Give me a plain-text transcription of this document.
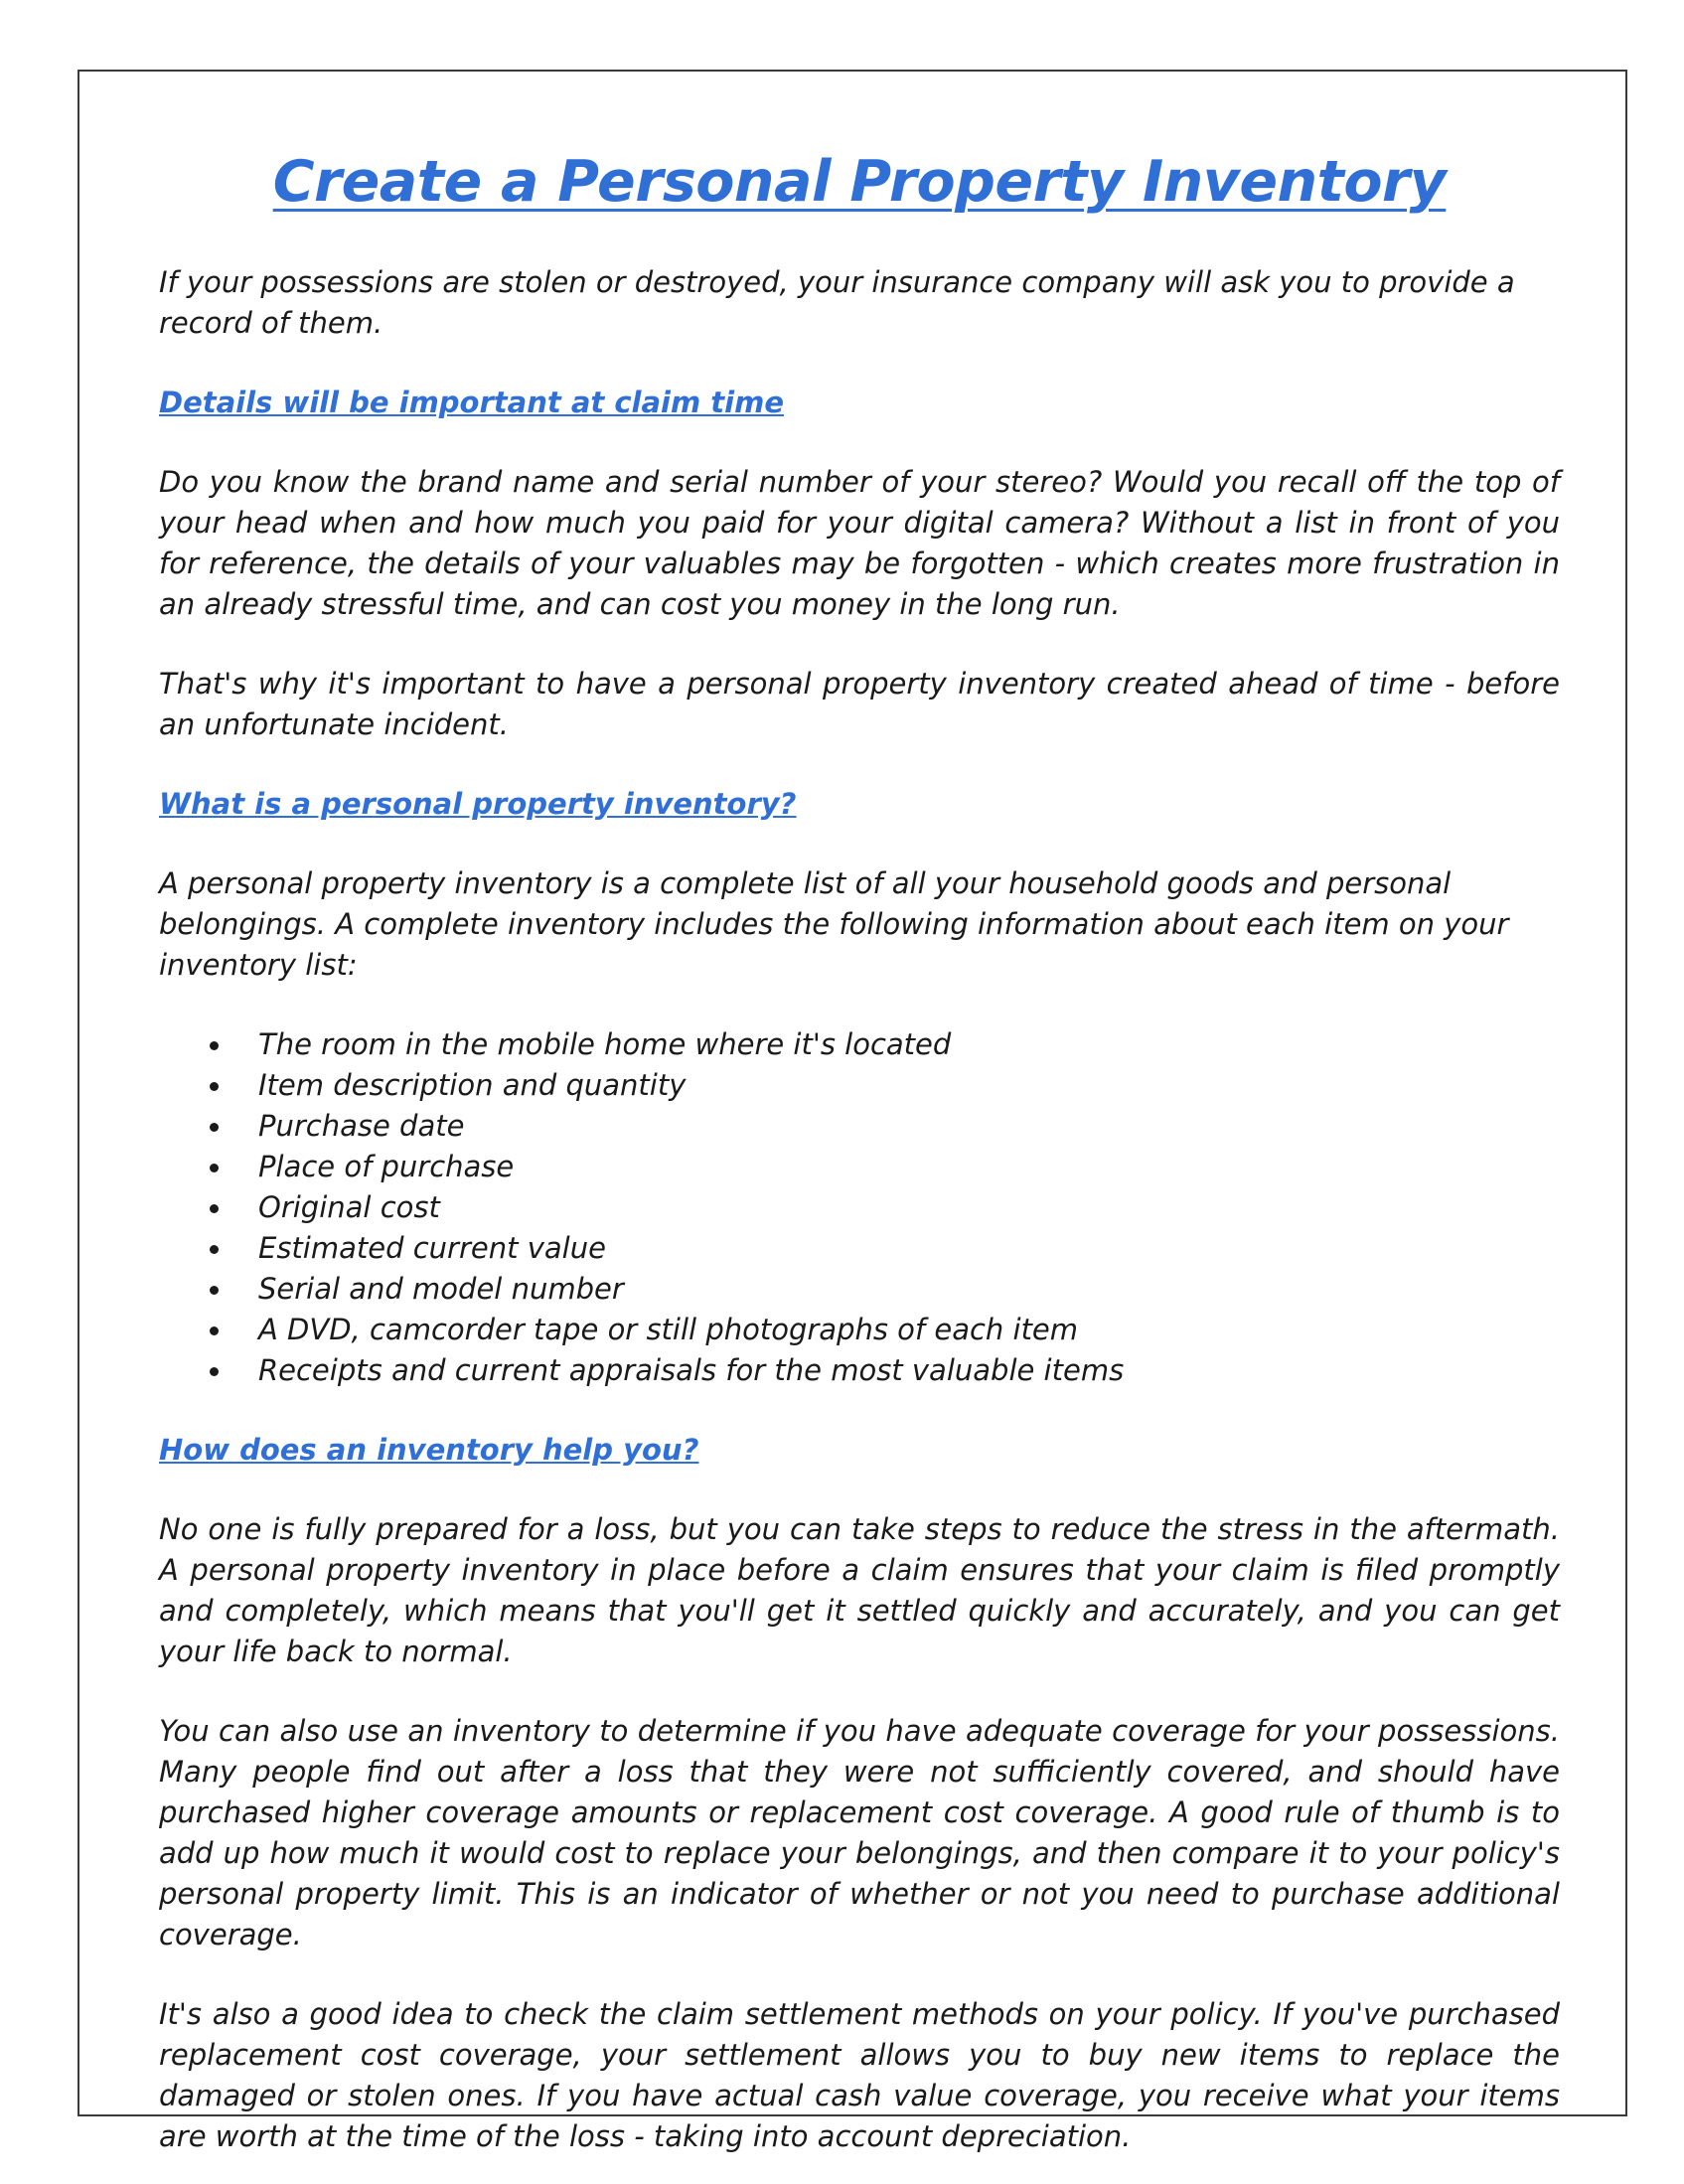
Create a Personal Property Inventory

If your possessions are stolen or destroyed, your insurance company will ask you to provide a record of them.

Details will be important at claim time

Do you know the brand name and serial number of your stereo? Would you recall off the top of your head when and how much you paid for your digital camera? Without a list in front of you for reference, the details of your valuables may be forgotten - which creates more frustration in an already stressful time, and can cost you money in the long run.

That's why it's important to have a personal property inventory created ahead of time - before an unfortunate incident.

What is a personal property inventory?

A personal property inventory is a complete list of all your household goods and personal belongings. A complete inventory includes the following information about each item on your inventory list:

The room in the mobile home where it's located
Item description and quantity
Purchase date
Place of purchase
Original cost
Estimated current value
Serial and model number
A DVD, camcorder tape or still photographs of each item
Receipts and current appraisals for the most valuable items
How does an inventory help you?

No one is fully prepared for a loss, but you can take steps to reduce the stress in the aftermath. A personal property inventory in place before a claim ensures that your claim is filed promptly and completely, which means that you'll get it settled quickly and accurately, and you can get your life back to normal.

You can also use an inventory to determine if you have adequate coverage for your possessions. Many people find out after a loss that they were not sufficiently covered, and should have purchased higher coverage amounts or replacement cost coverage. A good rule of thumb is to add up how much it would cost to replace your belongings, and then compare it to your policy's personal property limit. This is an indicator of whether or not you need to purchase additional coverage.

It's also a good idea to check the claim settlement methods on your policy. If you've purchased replacement cost coverage, your settlement allows you to buy new items to replace the damaged or stolen ones. If you have actual cash value coverage, you receive what your items are worth at the time of the loss - taking into account depreciation.
